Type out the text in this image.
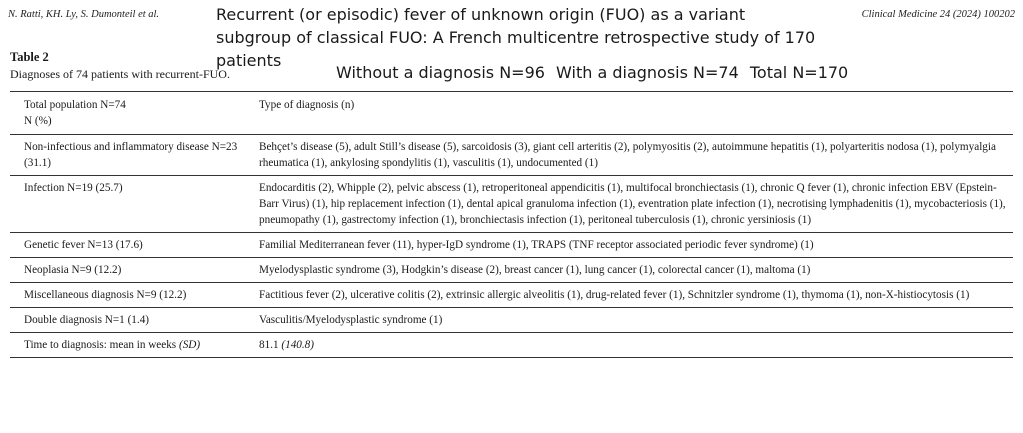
N. Ratti, KH. Ly, S. Dumonteil et al.	Clinical Medicine 24 (2024) 100202
Recurrent (or episodic) fever of unknown origin (FUO) as a variant subgroup of classical FUO: A French multicentre retrospective study of 170 patients
Table 2
Diagnoses of 74 patients with recurrent-FUO.	Without a diagnosis N=96 With a diagnosis N=74 Total N=170
Total population N=74
N (%)	Type of diagnosis (n)
Non-infectious and inflammatory disease N=23 (31.1)	Behçet’s disease (5), adult Still’s disease (5), sarcoidosis (3), giant cell arteritis (2), polymyositis (2), autoimmune hepatitis (1), polyarteritis nodosa (1), polymyalgia rheumatica (1), ankylosing spondylitis (1), vasculitis (1), undocumented (1)
Infection N=19 (25.7)	Endocarditis (2), Whipple (2), pelvic abscess (1), retroperitoneal appendicitis (1), multifocal bronchiectasis (1), chronic Q fever (1), chronic infection EBV (Epstein-Barr Virus) (1), hip replacement infection (1), dental apical granuloma infection (1), eventration plate infection (1), necrotising lymphadenitis (1), mycobacteriosis (1), pneumopathy (1), gastrectomy infection (1), bronchiectasis infection (1), peritoneal tuberculosis (1), chronic yersiniosis (1)
Genetic fever N=13 (17.6)	Familial Mediterranean fever (11), hyper-IgD syndrome (1), TRAPS (TNF receptor associated periodic fever syndrome) (1)
Neoplasia N=9 (12.2)	Myelodysplastic syndrome (3), Hodgkin’s disease (2), breast cancer (1), lung cancer (1), colorectal cancer (1), maltoma (1)
Miscellaneous diagnosis N=9 (12.2)	Factitious fever (2), ulcerative colitis (2), extrinsic allergic alveolitis (1), drug-related fever (1), Schnitzler syndrome (1), thymoma (1), non-X-histiocytosis (1)
Double diagnosis N=1 (1.4)	Vasculitis/Myelodysplastic syndrome (1)
Time to diagnosis: mean in weeks (SD)	81.1 (140.8)
